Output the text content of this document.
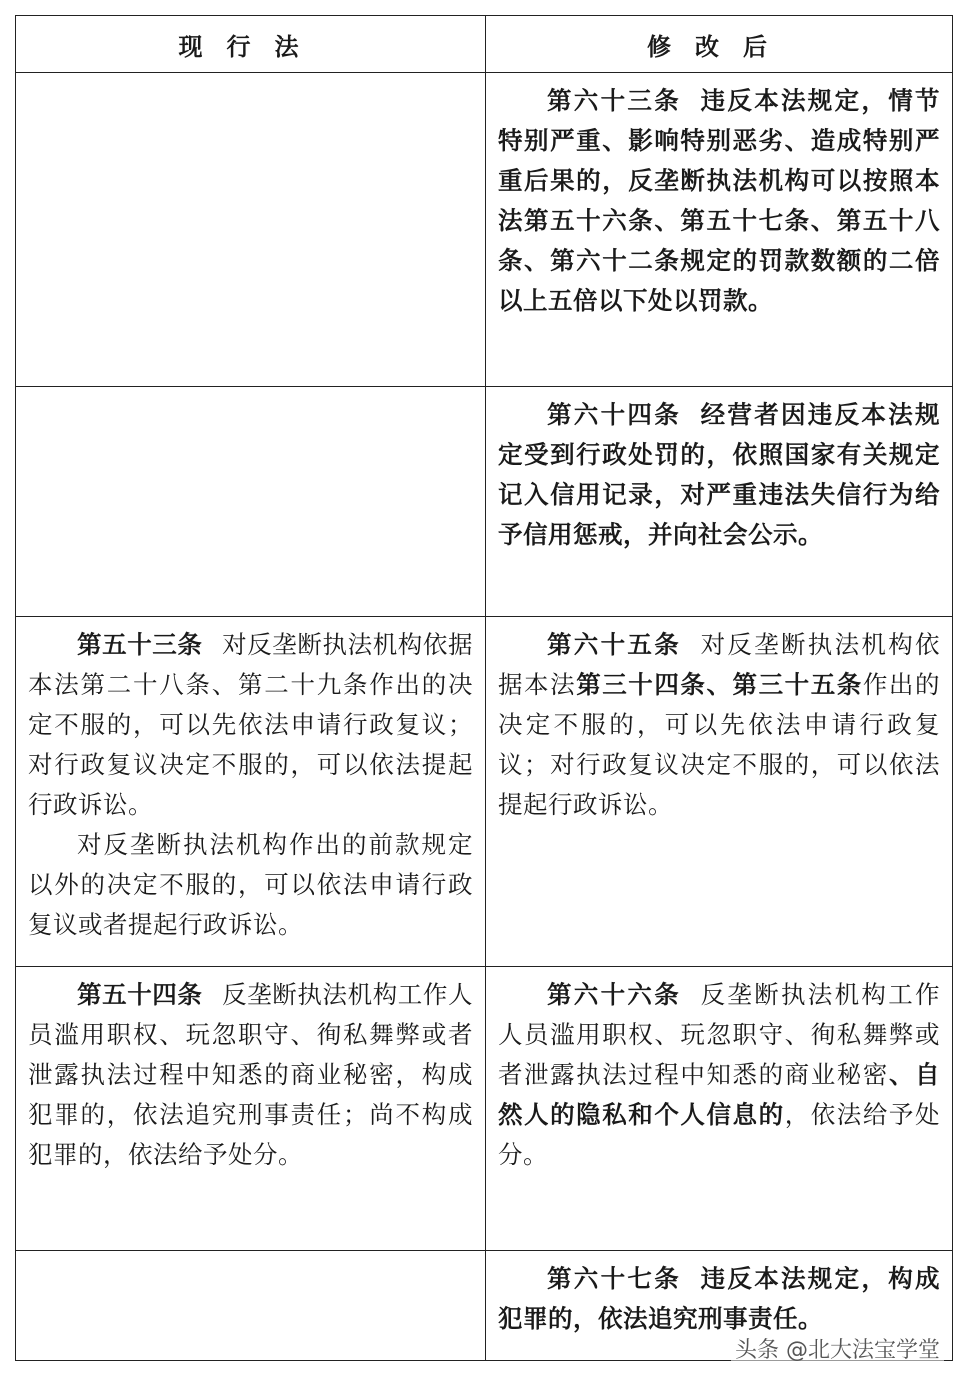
现行法	修改后

	第六十三条 违反本法规定，情节特别严重、影响特别恶劣、造成特别严重后果的，反垄断执法机构可以按照本法第五十六条、第五十七条、第五十八条、第六十二条规定的罚款数额的二倍以上五倍以下处以罚款。

	第六十四条 经营者因违反本法规定受到行政处罚的，依照国家有关规定记入信用记录，对严重违法失信行为给予信用惩戒，并向社会公示。

第五十三条 对反垄断执法机构依据本法第二十八条、第二十九条作出的决定不服的，可以先依法申请行政复议；对行政复议决定不服的，可以依法提起行政诉讼。

对反垄断执法机构作出的前款规定以外的决定不服的，可以依法申请行政复议或者提起行政诉讼。	第六十五条 对反垄断执法机构依据本法第三十四条、第三十五条作出的决定不服的，可以先依法申请行政复议；对行政复议决定不服的，可以依法提起行政诉讼。

第五十四条 反垄断执法机构工作人员滥用职权、玩忽职守、徇私舞弊或者泄露执法过程中知悉的商业秘密，构成犯罪的，依法追究刑事责任；尚不构成犯罪的，依法给予处分。	第六十六条 反垄断执法机构工作人员滥用职权、玩忽职守、徇私舞弊或者泄露执法过程中知悉的商业秘密、自然人的隐私和个人信息的，依法给予处分。

	第六十七条 违反本法规定，构成犯罪的，依法追究刑事责任。

头条 @北大法宝学堂
